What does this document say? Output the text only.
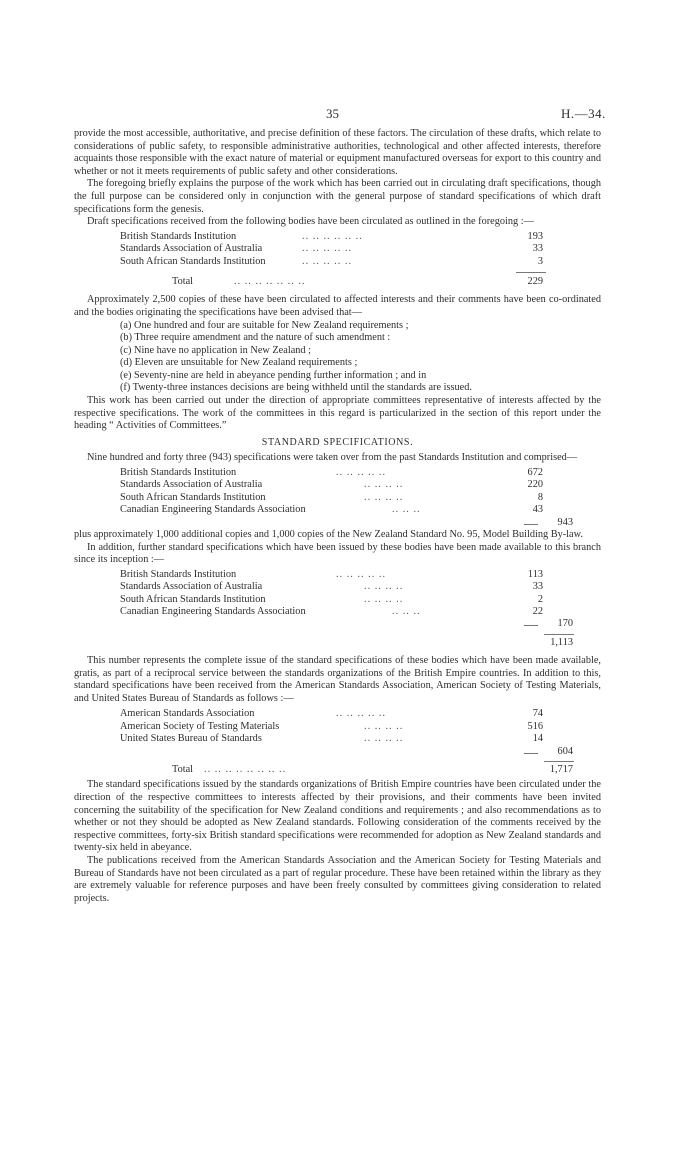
35	H.—34.

provide the most accessible, authoritative, and precise definition of these factors. The circulation of these drafts, which relate to considerations of public safety, to responsible administrative authorities, technological and other affected interests, therefore acquaints those responsible with the exact nature of material or equipment manufactured overseas for export to this country and whether or not it meets requirements of public safety and other considerations.

The foregoing briefly explains the purpose of the work which has been carried out in circulating draft specifications, though the full purpose can be considered only in conjunction with the general purpose of standard specifications of which draft specifications form the genesis.

Draft specifications received from the following bodies have been circulated as outlined in the foregoing :—

British Standards Institution	.. .. .. .. .. ..	193
Standards Association of Australia	.. .. .. .. ..	33
South African Standards Institution	.. .. .. .. ..	3
Total	.. .. .. .. .. .. ..	229

Approximately 2,500 copies of these have been circulated to affected interests and their comments have been co-ordinated and the bodies originating the specifications have been advised that—

(a) One hundred and four are suitable for New Zealand requirements ;
(b) Three require amendment and the nature of such amendment :
(c) Nine have no application in New Zealand ;
(d) Eleven are unsuitable for New Zealand requirements ;
(e) Seventy-nine are held in abeyance pending further information ; and in
(f) Twenty-three instances decisions are being withheld until the standards are issued.

This work has been carried out under the direction of appropriate committees representative of interests affected by the respective specifications. The work of the committees in this regard is particularized in the section of this report under the heading “ Activities of Committees.”

STANDARD SPECIFICATIONS.

Nine hundred and forty three (943) specifications were taken over from the past Standards Institution and comprised—

British Standards Institution	.. .. .. .. ..	672
Standards Association of Australia	.. .. .. ..	220
South African Standards Institution	.. .. .. ..	8
Canadian Engineering Standards Association	.. .. ..	43
943

plus approximately 1,000 additional copies and 1,000 copies of the New Zealand Standard No. 95, Model Building By-law.

In addition, further standard specifications which have been issued by these bodies have been made available to this branch since its inception :—

British Standards Institution	.. .. .. .. ..	113
Standards Association of Australia	.. .. .. ..	33
South African Standards Institution	.. .. .. ..	2
Canadian Engineering Standards Association	.. .. ..	22
170
1,113

This number represents the complete issue of the standard specifications of these bodies which have been made available, gratis, as part of a reciprocal service between the standards organizations of the British Empire countries. In addition to this, standard specifications have been received from the American Standards Association, American Society of Testing Materials, and United States Bureau of Standards as follows :—

American Standards Association	.. .. .. .. ..	74
American Society of Testing Materials	.. .. .. ..	516
United States Bureau of Standards	.. .. .. ..	14
604
Total .. .. .. .. .. .. .. ..	1,717

The standard specifications issued by the standards organizations of British Empire countries have been circulated under the direction of the respective committees to interests affected by their provisions, and their comments have been invited concerning the suitability of the specification for New Zealand conditions and requirements ; and also recommendations as to whether or not they should be adopted as New Zealand standards. Following consideration of the comments received by the respective committees, forty-six British standard specifications were recommended for adoption as New Zealand standards and twenty-six held in abeyance.

The publications received from the American Standards Association and the American Society for Testing Materials and Bureau of Standards have not been circulated as a part of regular procedure. These have been retained within the library as they are extremely valuable for reference purposes and have been freely consulted by committees giving consideration to related projects.
